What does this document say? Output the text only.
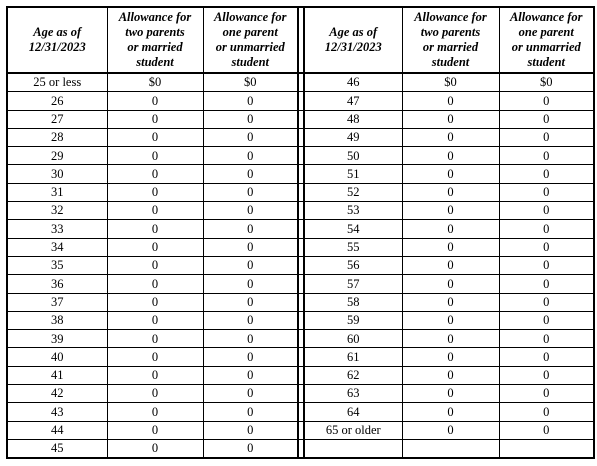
Age as of
12/31/2023	Allowance for
two parents
or married
student	Allowance for
one parent
or unmarried
student		Age as of
12/31/2023	Allowance for
two parents
or married
student	Allowance for
one parent
or unmarried
student
25 or less	$0	$0		46	$0	$0
26	0	0		47	0	0
27	0	0		48	0	0
28	0	0		49	0	0
29	0	0		50	0	0
30	0	0		51	0	0
31	0	0		52	0	0
32	0	0		53	0	0
33	0	0		54	0	0
34	0	0		55	0	0
35	0	0		56	0	0
36	0	0		57	0	0
37	0	0		58	0	0
38	0	0		59	0	0
39	0	0		60	0	0
40	0	0		61	0	0
41	0	0		62	0	0
42	0	0		63	0	0
43	0	0		64	0	0
44	0	0		65 or older	0	0
45	0	0				
